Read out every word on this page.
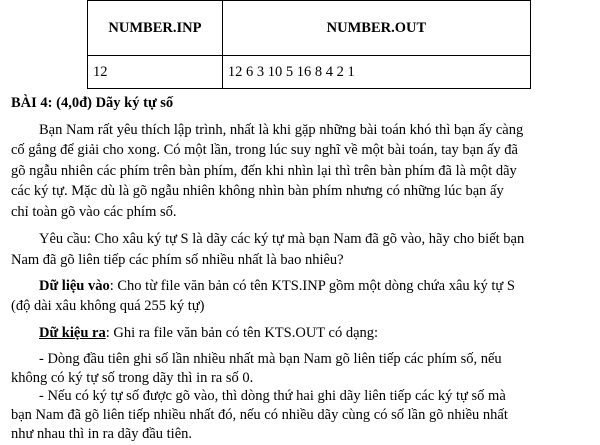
NUMBER.INP	NUMBER.OUT
12	12 6 3 10 5 16 8 4 2 1
BÀI 4: (4,0đ) Dãy ký tự số
Bạn Nam rất yêu thích lập trình, nhất là khi gặp những bài toán khó thì bạn ấy càng
cố gắng để giải cho xong. Có một lần, trong lúc suy nghĩ về một bài toán, tay bạn ấy đã
gõ ngẫu nhiên các phím trên bàn phím, đến khi nhìn lại thì trên bàn phím đã là một dãy
các ký tự. Mặc dù là gõ ngẫu nhiên không nhìn bàn phím nhưng có những lúc bạn ấy
chỉ toàn gõ vào các phím số.
Yêu cầu: Cho xâu ký tự S là dãy các ký tự mà bạn Nam đã gõ vào, hãy cho biết bạn
Nam đã gõ liên tiếp các phím số nhiều nhất là bao nhiêu?
Dữ liệu vào: Cho từ file văn bản có tên KTS.INP gồm một dòng chứa xâu ký tự S
(độ dài xâu không quá 255 ký tự)
Dữ kiệu ra: Ghi ra file văn bản có tên KTS.OUT có dạng:
- Dòng đầu tiên ghi số lần nhiều nhất mà bạn Nam gõ liên tiếp các phím số, nếu
không có ký tự số trong dãy thì in ra số 0.
- Nếu có ký tự số được gõ vào, thì dòng thứ hai ghi dãy liên tiếp các ký tự số mà
bạn Nam đã gõ liên tiếp nhiều nhất đó, nếu có nhiều dãy cùng có số lần gõ nhiều nhất
như nhau thì in ra dãy đầu tiên.
